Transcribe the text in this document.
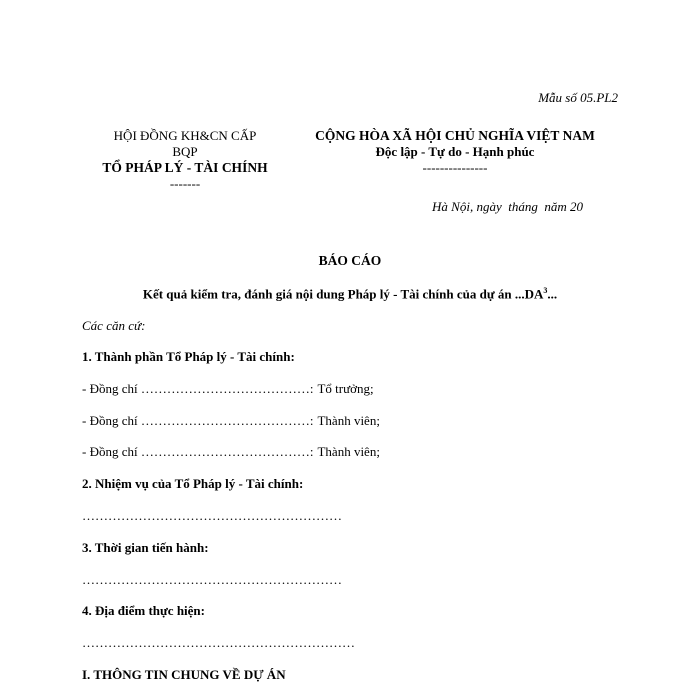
Mẫu số 05.PL2
HỘI ĐỒNG KH&CN CẤP
BQP
TỔ PHÁP LÝ - TÀI CHÍNH
-------
CỘNG HÒA XÃ HỘI CHỦ NGHĨA VIỆT NAM
Độc lập - Tự do - Hạnh phúc
---------------
Hà Nội, ngày  tháng  năm 20
BÁO CÁO
Kết quả kiểm tra, đánh giá nội dung Pháp lý - Tài chính của dự án $...DA^3$...
Các căn cứ:
1. Thành phần Tổ Pháp lý - Tài chính:
- Đồng chí …………………………………: Tổ trưởng;
- Đồng chí …………………………………: Thành viên;
- Đồng chí …………………………………: Thành viên;
2. Nhiệm vụ của Tổ Pháp lý - Tài chính:
……………………………………………………
3. Thời gian tiến hành:
……………………………………………………
4. Địa điểm thực hiện:
………………………………………………………
I. THÔNG TIN CHUNG VỀ DỰ ÁN
